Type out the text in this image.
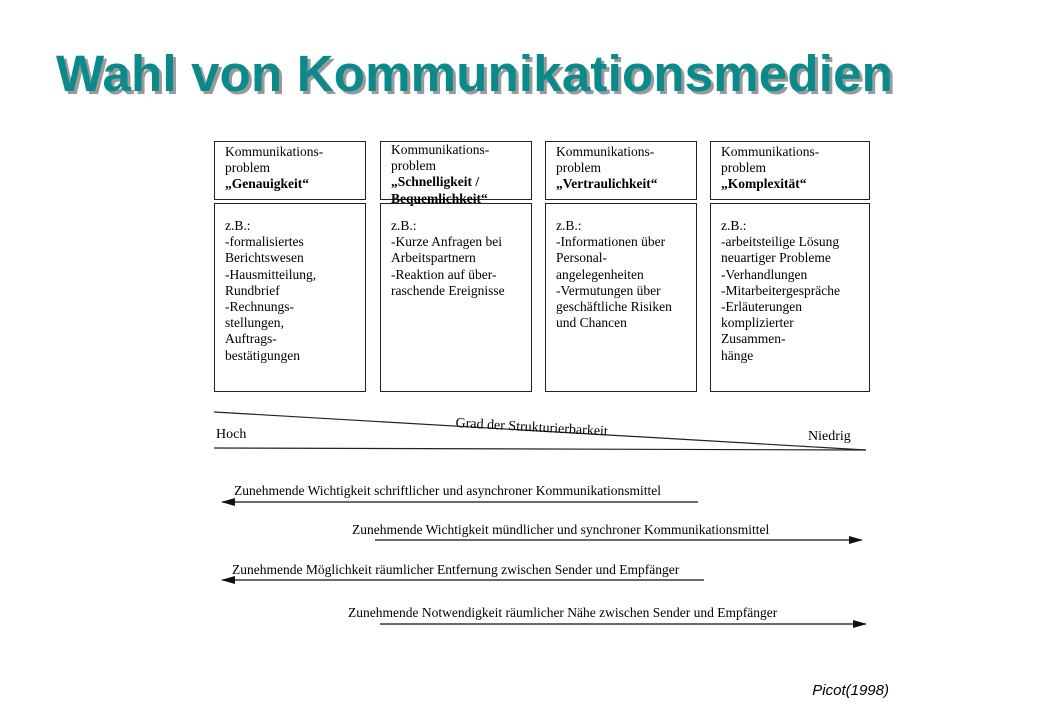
Wahl von Kommunikationsmedien
Kommunikations-
problem
„Genauigkeit“
z.B.:
-formalisiertes
Berichtswesen
-Hausmitteilung,
Rundbrief
-Rechnungs-
stellungen,
Auftrags-
bestätigungen
Kommunikations-
problem
„Schnelligkeit /
Bequemlichkeit“
z.B.:
-Kurze Anfragen bei
Arbeitspartnern
-Reaktion auf über-
raschende Ereignisse
Kommunikations-
problem
„Vertraulichkeit“
z.B.:
-Informationen über
Personal-
angelegenheiten
-Vermutungen über
geschäftliche Risiken
und Chancen
Kommunikations-
problem
„Komplexität“
z.B.:
-arbeitsteilige Lösung
neuartiger Probleme
-Verhandlungen
-Mitarbeitergespräche
-Erläuterungen
komplizierter
Zusammen-
hänge
Grad der Strukturierbarkeit
Hoch	Niedrig
Zunehmende Wichtigkeit schriftlicher und asynchroner Kommunikationsmittel
Zunehmende Wichtigkeit mündlicher und synchroner Kommunikationsmittel
Zunehmende Möglichkeit räumlicher Entfernung zwischen Sender und Empfänger
Zunehmende Notwendigkeit räumlicher Nähe zwischen Sender und Empfänger
Picot(1998)
